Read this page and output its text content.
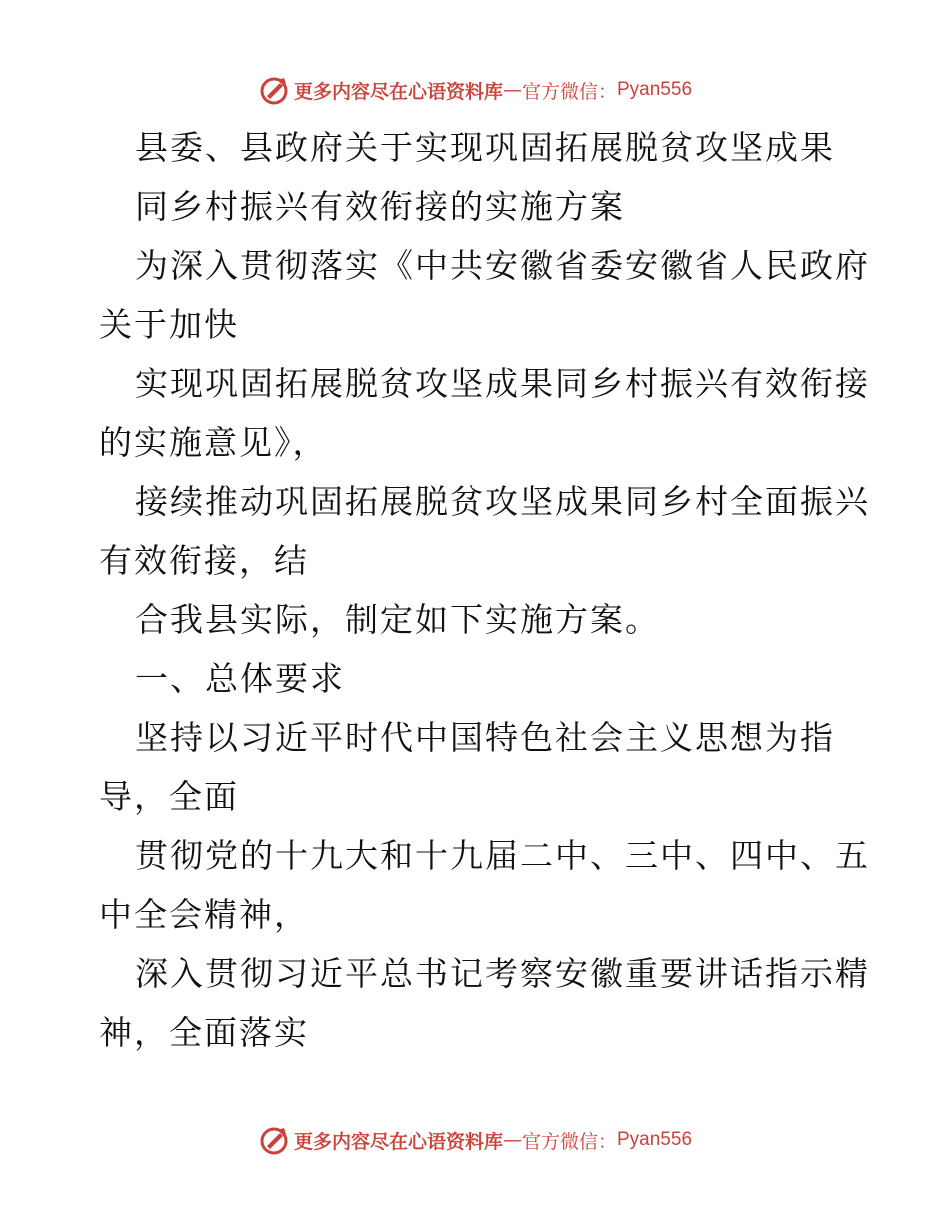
更多内容尽在心语资料库 — 官方微信： Pyan556
县委、县政府关于实现巩固拓展脱贫攻坚成果
同乡村振兴有效衔接的实施方案
为深入贯彻落实《中共安徽省委安徽省人民政府
关于加快
实现巩固拓展脱贫攻坚成果同乡村振兴有效衔接
的实施意见》，
接续推动巩固拓展脱贫攻坚成果同乡村全面振兴
有效衔接，结
合我县实际，制定如下实施方案。
一、总体要求
坚持以习近平时代中国特色社会主义思想为指
导，全面
贯彻党的十九大和十九届二中、三中、四中、五
中全会精神，
深入贯彻习近平总书记考察安徽重要讲话指示精
神，全面落实
更多内容尽在心语资料库 — 官方微信： Pyan556
